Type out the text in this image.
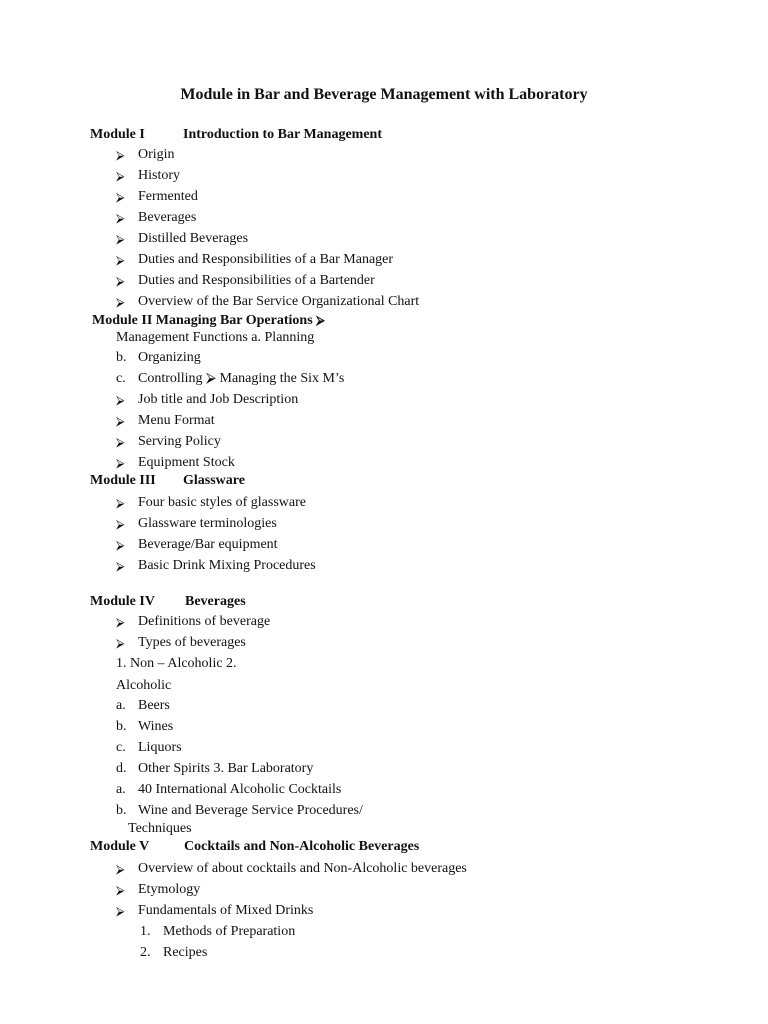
Module in Bar and Beverage Management with Laboratory
Module I	Introduction to Bar Management
⮚ Origin
⮚ History
⮚ Fermented
⮚ Beverages
⮚ Distilled Beverages
⮚ Duties and Responsibilities of a Bar Manager
⮚ Duties and Responsibilities of a Bartender
⮚ Overview of the Bar Service Organizational Chart
Module II Managing Bar Operations ⮚
Management Functions a. Planning
b. Organizing
c. Controlling ⮚ Managing the Six M’s
⮚ Job title and Job Description
⮚ Menu Format
⮚ Serving Policy
⮚ Equipment Stock
Module III Glassware
⮚ Four basic styles of glassware
⮚ Glassware terminologies
⮚ Beverage/Bar equipment
⮚ Basic Drink Mixing Procedures
Module IV Beverages
⮚ Definitions of beverage
⮚ Types of beverages
1. Non – Alcoholic 2.
Alcoholic
a. Beers
b. Wines
c. Liquors
d. Other Spirits 3. Bar Laboratory
a. 40 International Alcoholic Cocktails
b. Wine and Beverage Service Procedures/
Techniques
Module V Cocktails and Non-Alcoholic Beverages
⮚ Overview of about cocktails and Non-Alcoholic beverages
⮚ Etymology
⮚ Fundamentals of Mixed Drinks
1. Methods of Preparation
2. Recipes
